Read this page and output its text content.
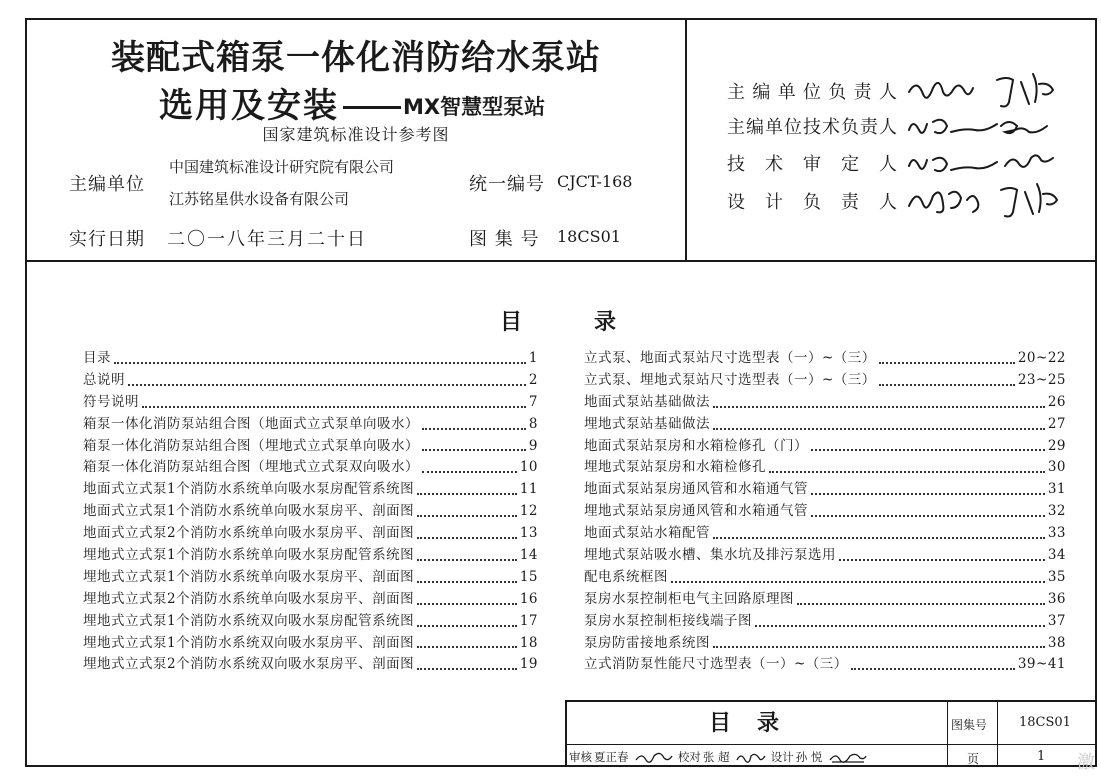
装配式箱泵一体化消防给水泵站
选用及安装	MX智慧型泵站
国家建筑标准设计参考图
主编单位
中国建筑标准设计研究院有限公司
江苏铭星供水设备有限公司
统一编号 CJCT-168
实行日期 二〇一八年三月二十日	图 集 号 18CS01
主编单位负责人
主编单位技术负责人
技术审定人
设计负责人
目	录
目录	1
总说明	2
符号说明	7
箱泵一体化消防泵站组合图（地面式立式泵单向吸水）	8
箱泵一体化消防泵站组合图（埋地式立式泵单向吸水）	9
箱泵一体化消防泵站组合图（埋地式立式泵双向吸水）	10
地面式立式泵1个消防水系统单向吸水泵房配管系统图	11
地面式立式泵1个消防水系统单向吸水泵房平、剖面图	12
地面式立式泵2个消防水系统单向吸水泵房平、剖面图	13
埋地式立式泵1个消防水系统单向吸水泵房配管系统图	14
埋地式立式泵1个消防水系统单向吸水泵房平、剖面图	15
埋地式立式泵2个消防水系统单向吸水泵房平、剖面图	16
埋地式立式泵1个消防水系统双向吸水泵房配管系统图	17
埋地式立式泵1个消防水系统双向吸水泵房平、剖面图	18
埋地式立式泵2个消防水系统双向吸水泵房平、剖面图	19
立式泵、地面式泵站尺寸选型表（一）~（三）	20~22
立式泵、埋地式泵站尺寸选型表（一）~（三）	23~25
地面式泵站基础做法	26
埋地式泵站基础做法	27
地面式泵站泵房和水箱检修孔（门）	29
埋地式泵站泵房和水箱检修孔	30
地面式泵站泵房通风管和水箱通气管	31
埋地式泵站泵房通风管和水箱通气管	32
地面式泵站水箱配管	33
埋地式泵站吸水槽、集水坑及排污泵选用	34
配电系统框图	35
泵房水泵控制柜电气主回路原理图	36
泵房水泵控制柜接线端子图	37
泵房防雷接地系统图	38
立式消防泵性能尺寸选型表（一）~（三）	39~41
目录	图集号 18CS01
页	1
审核 夏正春	校对 张 超	设计 孙 悦	激
